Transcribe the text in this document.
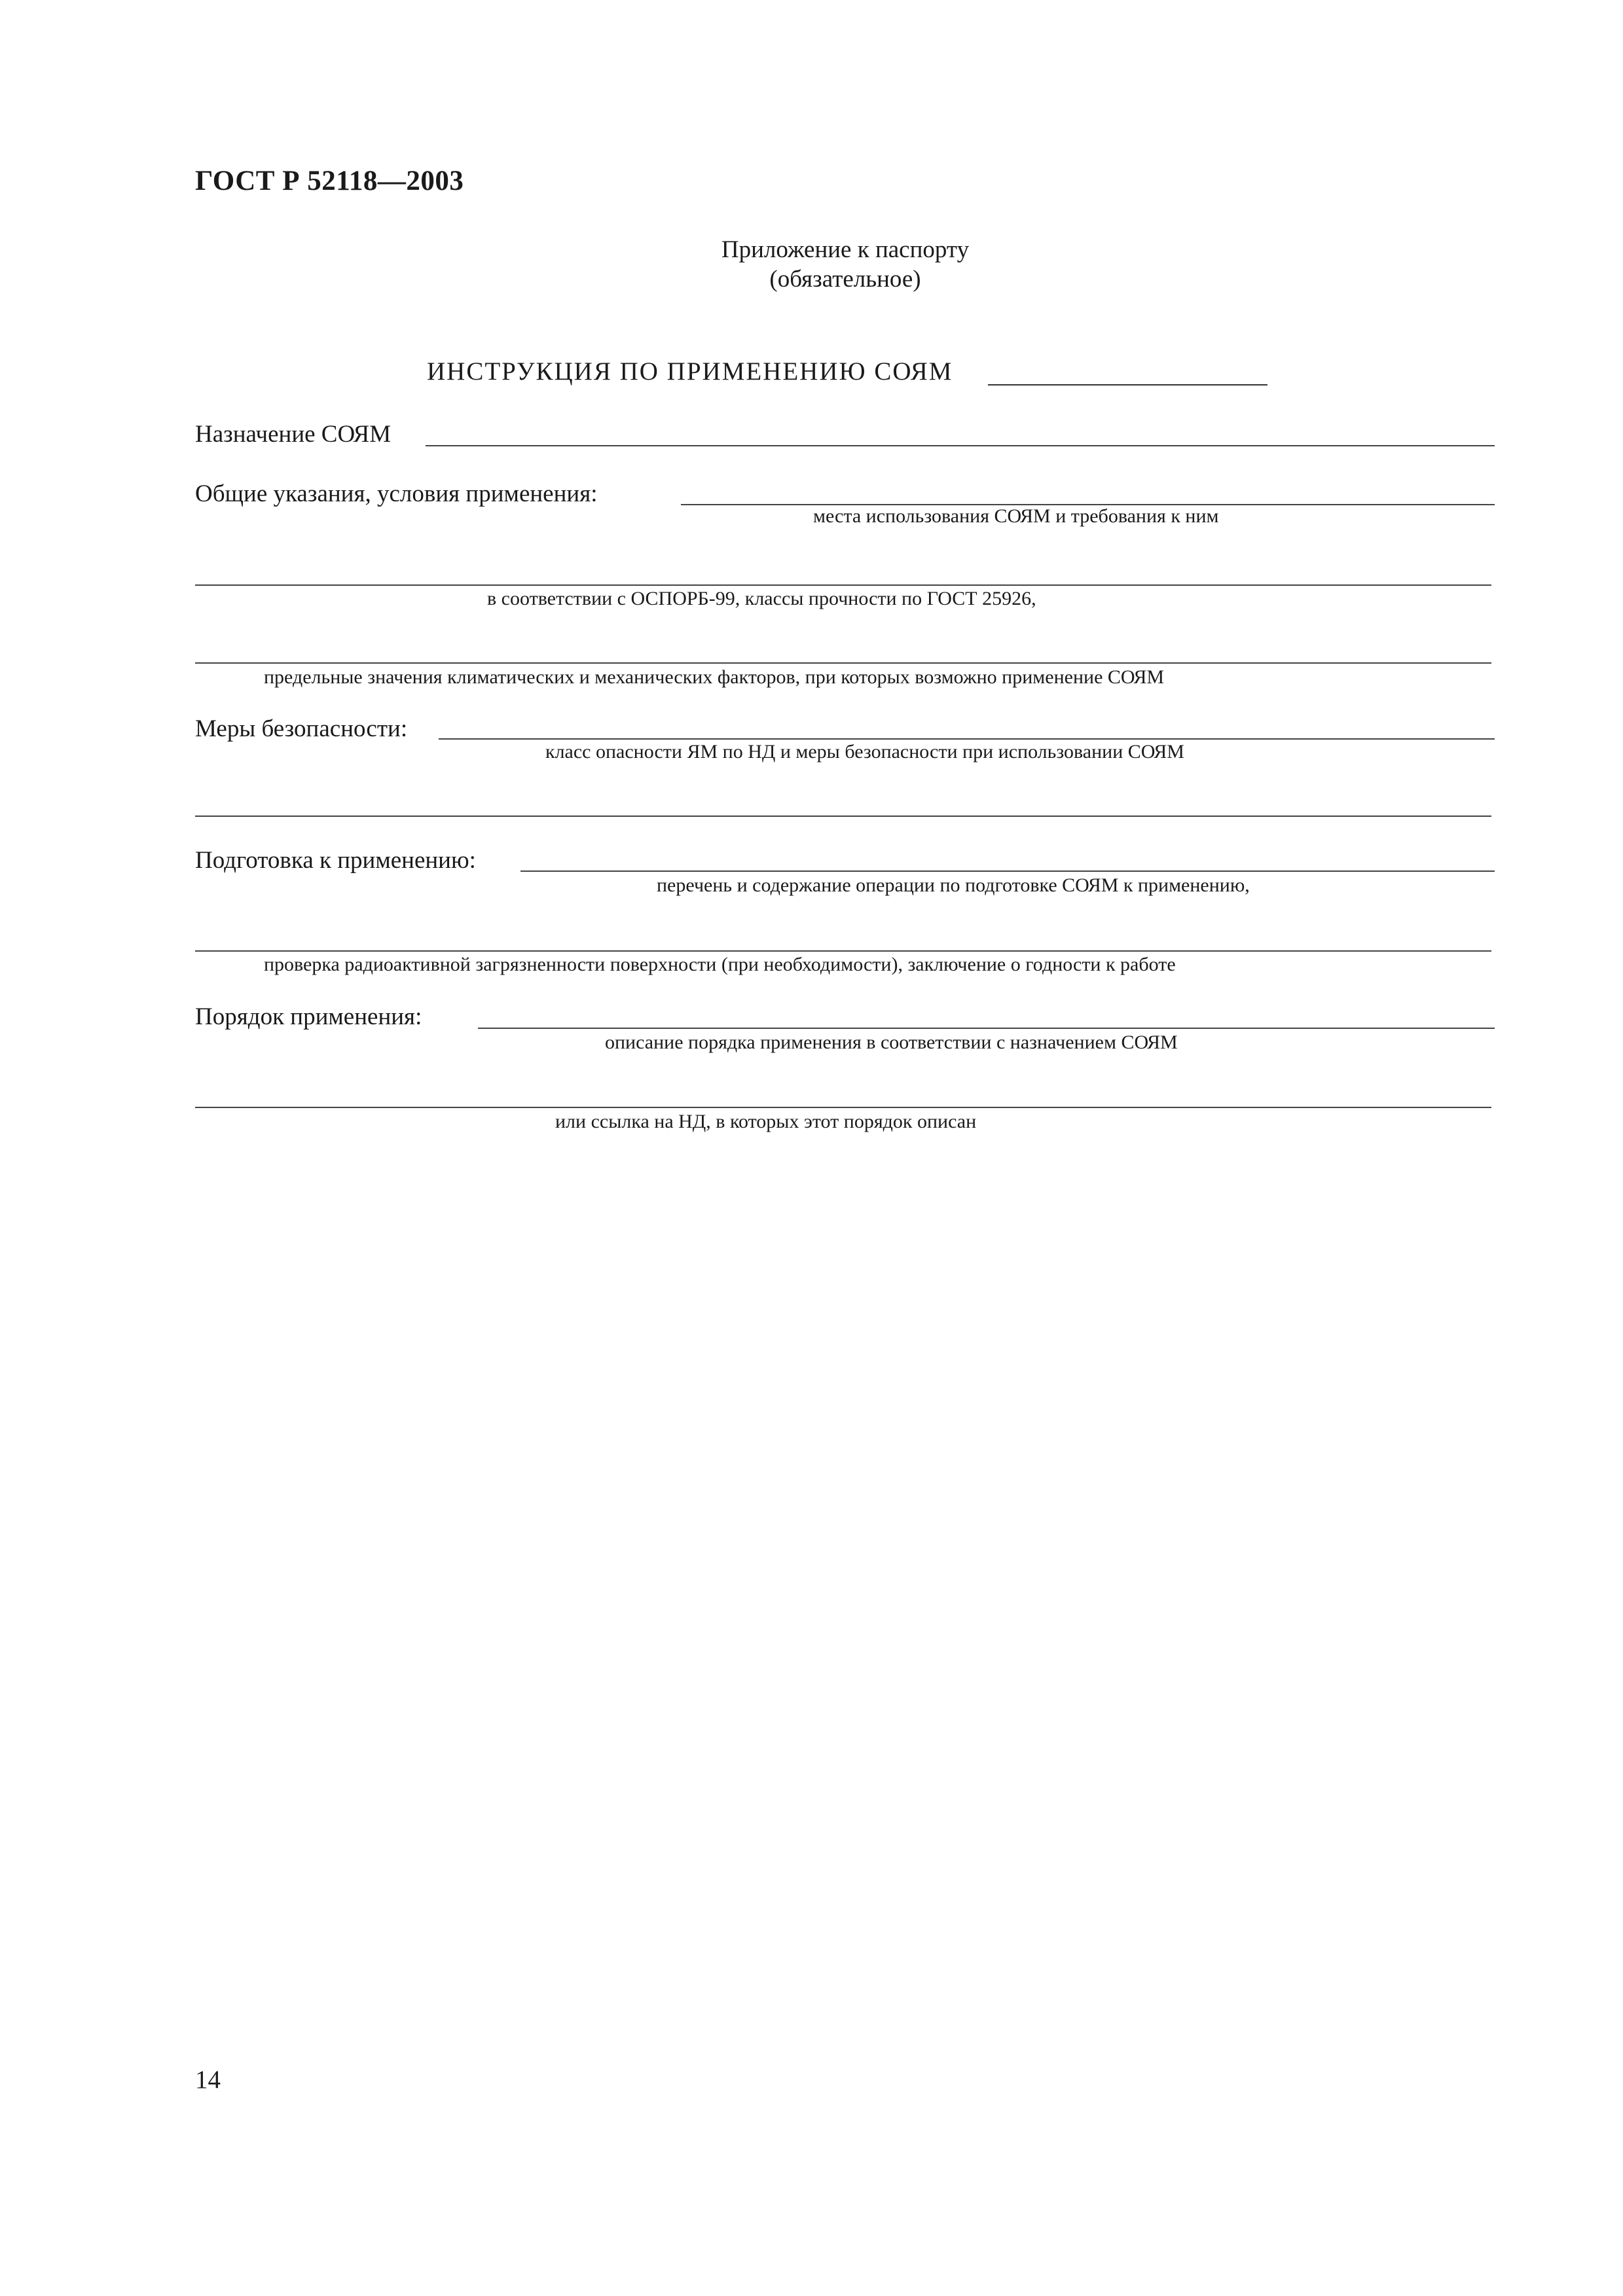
ГОСТ Р 52118—2003
Приложение к паспорту
(обязательное)
ИНСТРУКЦИЯ ПО ПРИМЕНЕНИЮ СОЯМ
Назначение СОЯМ
Общие указания, условия применения:
места использования СОЯМ и требования к ним
в соответствии с ОСПОРБ-99, классы прочности по ГОСТ 25926,
предельные значения климатических и механических факторов, при которых возможно применение СОЯМ
Меры безопасности:
класс опасности ЯМ по НД и меры безопасности при использовании СОЯМ
Подготовка к применению:
перечень и содержание операции по подготовке СОЯМ к применению,
проверка радиоактивной загрязненности поверхности (при необходимости), заключение о годности к работе
Порядок применения:
описание порядка применения в соответствии с назначением СОЯМ
или ссылка на НД, в которых этот порядок описан
14
